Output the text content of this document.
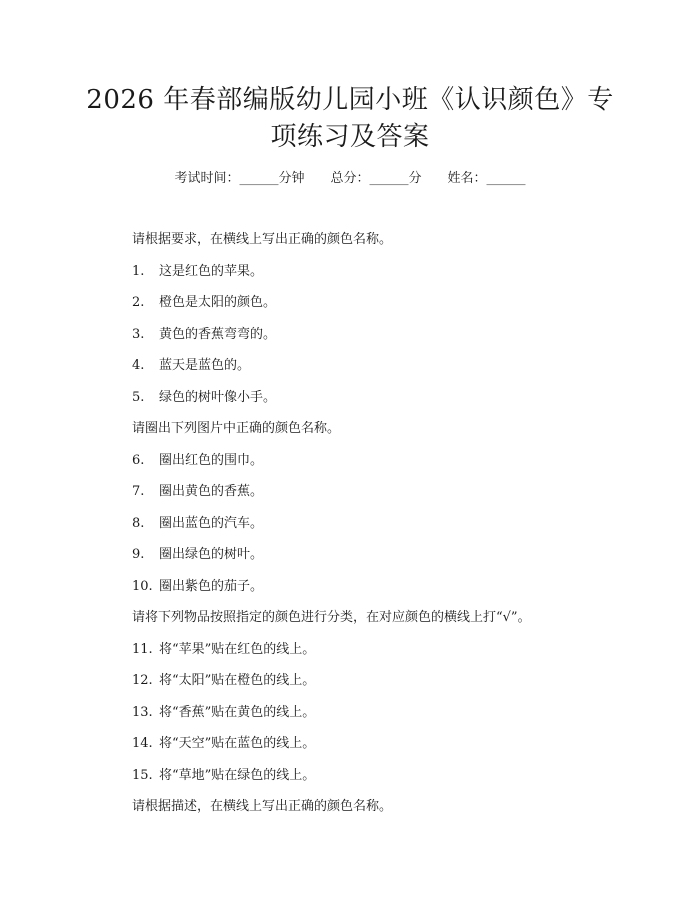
2026 年春部编版幼儿园小班《认识颜色》专
项练习及答案
考试时间：______分钟 总分：______分 姓名：______
请根据要求，在横线上写出正确的颜色名称。
1. 这是红色的苹果。
2. 橙色是太阳的颜色。
3. 黄色的香蕉弯弯的。
4. 蓝天是蓝色的。
5. 绿色的树叶像小手。
请圈出下列图片中正确的颜色名称。
6. 圈出红色的围巾。
7. 圈出黄色的香蕉。
8. 圈出蓝色的汽车。
9. 圈出绿色的树叶。
10. 圈出紫色的茄子。
请将下列物品按照指定的颜色进行分类，在对应颜色的横线上打“√”。
11. 将“苹果”贴在红色的线上。
12. 将“太阳”贴在橙色的线上。
13. 将“香蕉”贴在黄色的线上。
14. 将“天空”贴在蓝色的线上。
15. 将“草地”贴在绿色的线上。
请根据描述，在横线上写出正确的颜色名称。
